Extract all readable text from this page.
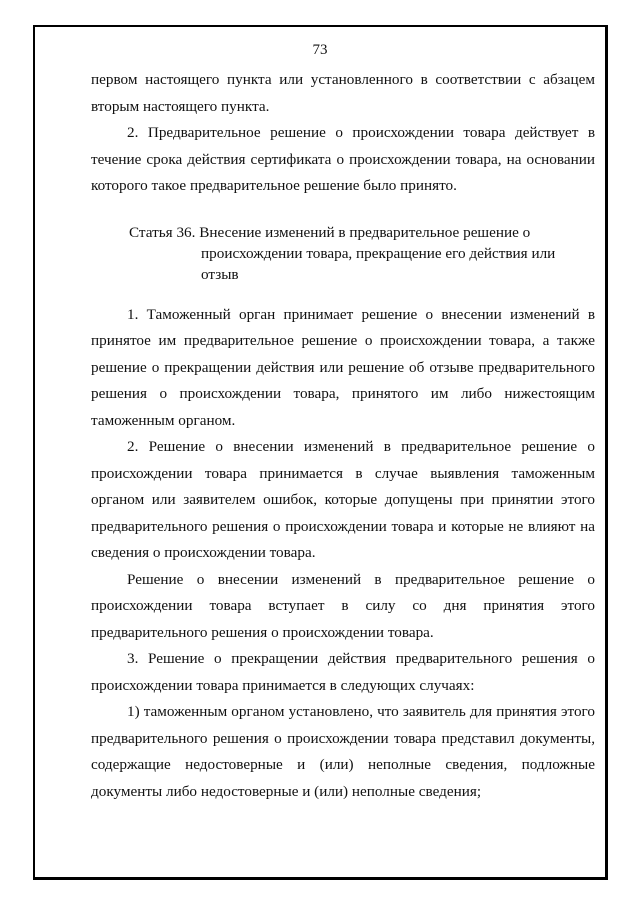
73

первом настоящего пункта или установленного в соответствии с абзацем вторым настоящего пункта.

2. Предварительное решение о происхождении товара действует в течение срока действия сертификата о происхождении товара, на основании которого такое предварительное решение было принято.

Статья 36. Внесение изменений в предварительное решение о
происхождении товара, прекращение его действия или
отзыв

1. Таможенный орган принимает решение о внесении изменений в принятое им предварительное решение о происхождении товара, а также решение о прекращении действия или решение об отзыве предварительного решения о происхождении товара, принятого им либо нижестоящим таможенным органом.

2. Решение о внесении изменений в предварительное решение о происхождении товара принимается в случае выявления таможенным органом или заявителем ошибок, которые допущены при принятии этого предварительного решения о происхождении товара и которые не влияют на сведения о происхождении товара.

Решение о внесении изменений в предварительное решение о происхождении товара вступает в силу со дня принятия этого предварительного решения о происхождении товара.

3. Решение о прекращении действия предварительного решения о происхождении товара принимается в следующих случаях:

1) таможенным органом установлено, что заявитель для принятия этого предварительного решения о происхождении товара представил документы, содержащие недостоверные и (или) неполные сведения, подложные документы либо недостоверные и (или) неполные сведения;
